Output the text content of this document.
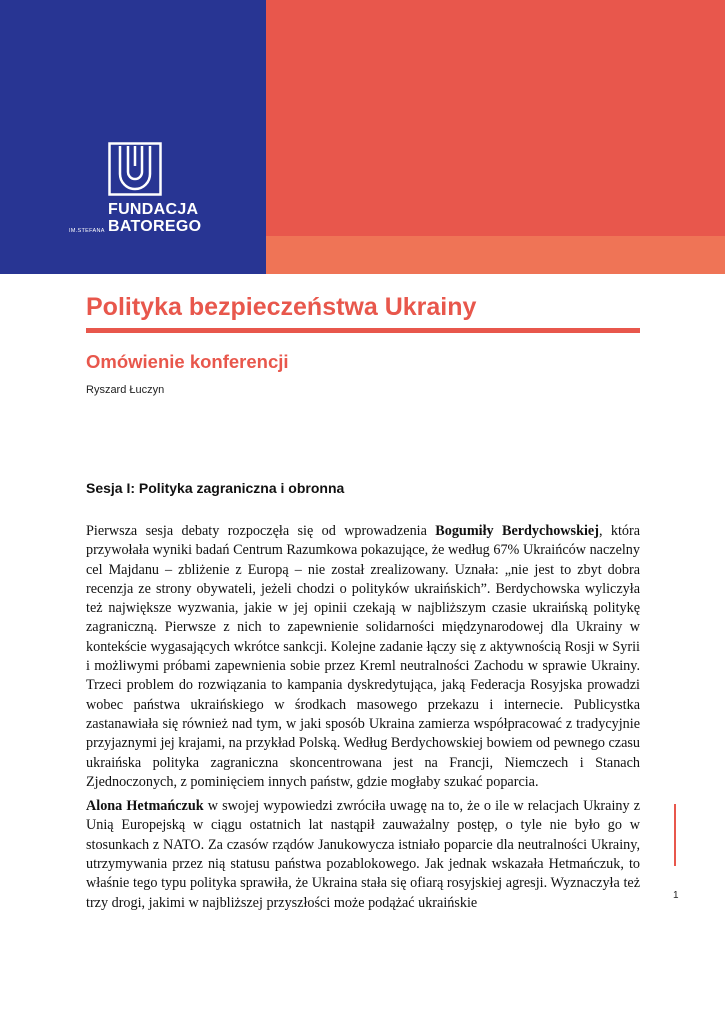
FUNDACJA
BATOREGO
IM.STEFANA
Polityka bezpieczeństwa Ukrainy
Omówienie konferencji
Ryszard Łuczyn
Sesja I: Polityka zagraniczna i obronna

Pierwsza sesja debaty rozpoczęła się od wprowadzenia Bogumiły Berdychowskiej, która przywołała wyniki badań Centrum Razumkowa pokazujące, że według 67% Ukraińców naczelny cel Majdanu – zbliżenie z Europą – nie został zrealizowany. Uznała: „nie jest to zbyt dobra recenzja ze strony obywateli, jeżeli chodzi o polityków ukraińskich”. Berdychowska wyliczyła też największe wyzwania, jakie w jej opinii czekają w najbliższym czasie ukraińską politykę zagraniczną. Pierwsze z nich to zapewnienie solidarności międzynarodowej dla Ukrainy w kontekście wygasających wkrótce sankcji. Kolejne zadanie łączy się z aktywnością Rosji w Syrii i możliwymi próbami zapewnienia sobie przez Kreml neutralności Zachodu w sprawie Ukrainy. Trzeci problem do rozwiązania to kampania dyskredytująca, jaką Federacja Rosyjska prowadzi wobec państwa ukraińskiego w środkach masowego przekazu i internecie. Publicystka zastanawiała się również nad tym, w jaki sposób Ukraina zamierza współpracować z tradycyjnie przyjaznymi jej krajami, na przykład Polską. Według Berdychowskiej bowiem od pewnego czasu ukraińska polityka zagraniczna skoncentrowana jest na Francji, Niemczech i Stanach Zjednoczonych, z pominięciem innych państw, gdzie mogłaby szukać poparcia.

Alona Hetmańczuk w swojej wypowiedzi zwróciła uwagę na to, że o ile w relacjach Ukrainy z Unią Europejską w ciągu ostatnich lat nastąpił zauważalny postęp, o tyle nie było go w stosunkach z NATO. Za czasów rządów Janukowycza istniało poparcie dla neutralności Ukrainy, utrzymywania przez nią statusu państwa pozablokowego. Jak jednak wskazała Hetmańczuk, to właśnie tego typu polityka sprawiła, że Ukraina stała się ofiarą rosyjskiej agresji. Wyznaczyła też trzy drogi, jakimi w najbliższej przyszłości może podążać ukraińskie	1
